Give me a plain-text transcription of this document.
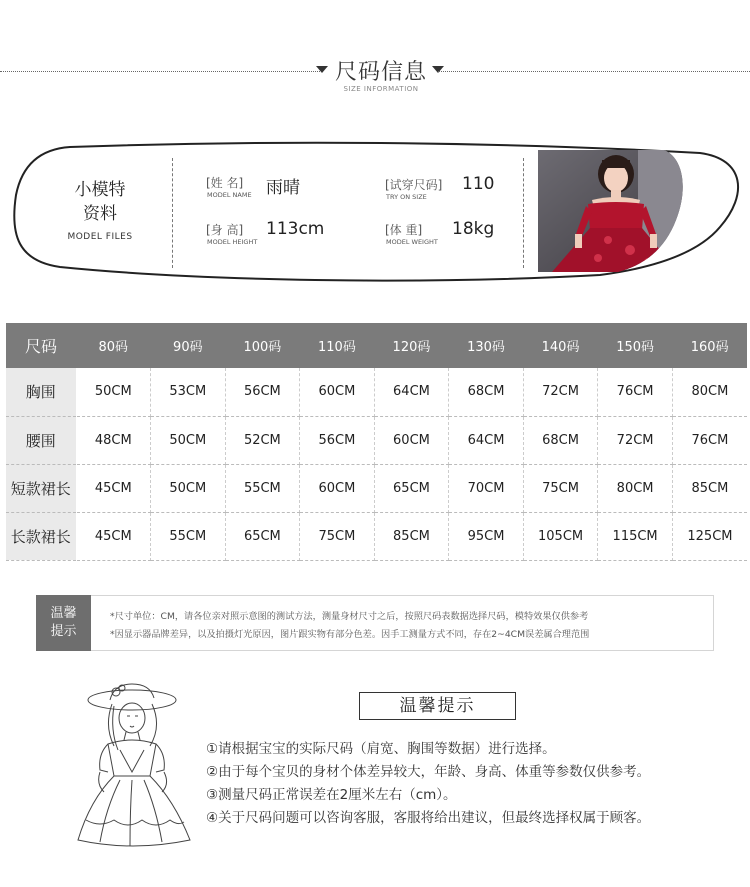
尺码信息
SIZE INFORMATION
小模特
资料
MODEL FILES
[姓 名]
MODEL NAME 雨晴	[试穿尺码]
TRY ON SIZE
110
[身 高]
MODEL HEIGHT
113cm	[体 重]
MODEL WEIGHT
18kg
尺码	80码	90码	100码	110码	120码	130码	140码	150码	160码
胸围	50CM	53CM	56CM	60CM	64CM	68CM	72CM	76CM	80CM
腰围	48CM	50CM	52CM	56CM	60CM	64CM	68CM	72CM	76CM
短款裙长	45CM	50CM	55CM	60CM	65CM	70CM	75CM	80CM	85CM
长款裙长	45CM	55CM	65CM	75CM	85CM	95CM	105CM	115CM	125CM
温馨
提示
*尺寸单位：CM，请各位亲对照示意图的测试方法，测量身材尺寸之后，按照尺码表数据选择尺码，模特效果仅供参考
*因显示器品牌差异，以及拍摄灯光原因，图片跟实物有部分色差。因手工测量方式不同，存在2~4CM误差属合理范围
温馨提示
①请根据宝宝的实际尺码（肩宽、胸围等数据）进行选择。
②由于每个宝贝的身材个体差异较大，年龄、身高、体重等参数仅供参考。
③测量尺码正常误差在2厘米左右（cm）。
④关于尺码问题可以咨询客服，客服将给出建议，但最终选择权属于顾客。
